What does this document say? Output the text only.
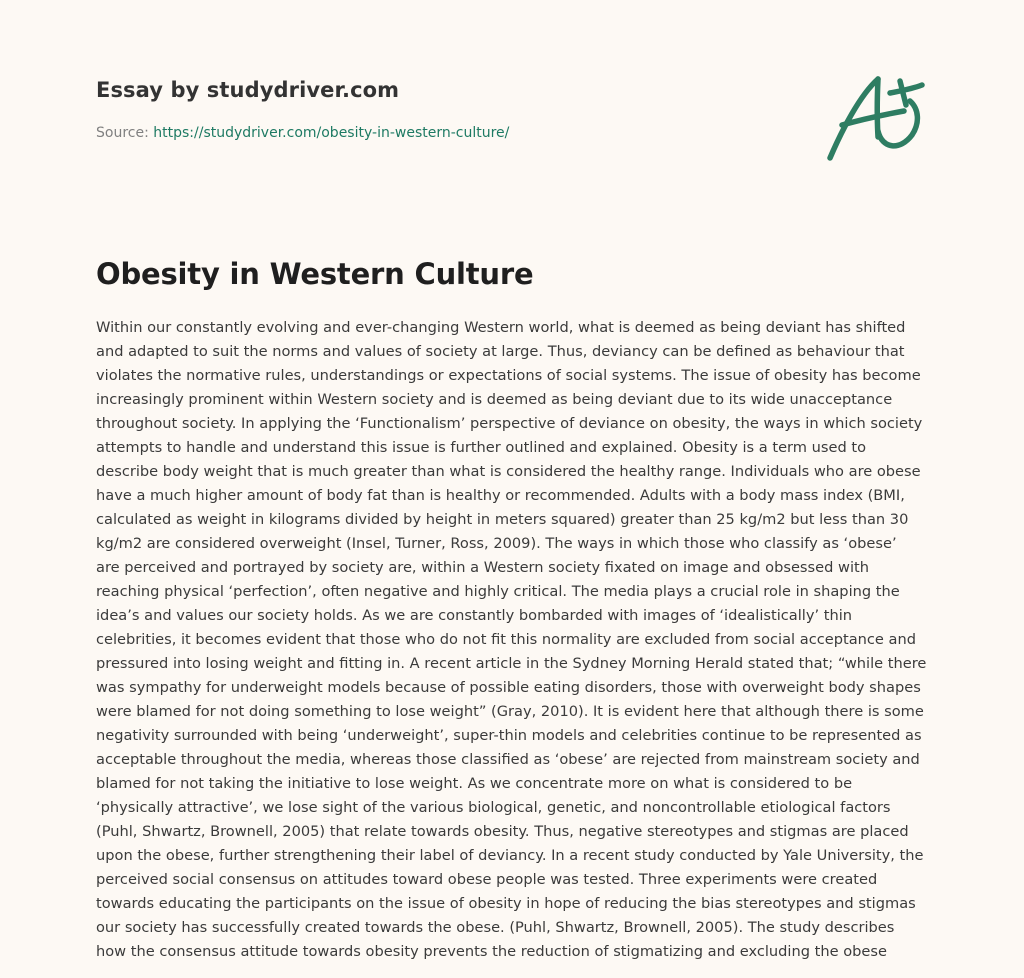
Essay by studydriver.com
Source: https://studydriver.com/obesity-in-western-culture/
Obesity in Western Culture

Within our constantly evolving and ever-changing Western world, what is deemed as being deviant has shifted
and adapted to suit the norms and values of society at large. Thus, deviancy can be defined as behaviour that
violates the normative rules, understandings or expectations of social systems. The issue of obesity has become
increasingly prominent within Western society and is deemed as being deviant due to its wide unacceptance
throughout society. In applying the ‘Functionalism’ perspective of deviance on obesity, the ways in which society
attempts to handle and understand this issue is further outlined and explained. Obesity is a term used to
describe body weight that is much greater than what is considered the healthy range. Individuals who are obese
have a much higher amount of body fat than is healthy or recommended. Adults with a body mass index (BMI,
calculated as weight in kilograms divided by height in meters squared) greater than 25 kg/m2 but less than 30
kg/m2 are considered overweight (Insel, Turner, Ross, 2009). The ways in which those who classify as ‘obese’
are perceived and portrayed by society are, within a Western society fixated on image and obsessed with
reaching physical ‘perfection’, often negative and highly critical. The media plays a crucial role in shaping the
idea’s and values our society holds. As we are constantly bombarded with images of ‘idealistically’ thin
celebrities, it becomes evident that those who do not fit this normality are excluded from social acceptance and
pressured into losing weight and fitting in. A recent article in the Sydney Morning Herald stated that; “while there
was sympathy for underweight models because of possible eating disorders, those with overweight body shapes
were blamed for not doing something to lose weight” (Gray, 2010). It is evident here that although there is some
negativity surrounded with being ‘underweight’, super-thin models and celebrities continue to be represented as
acceptable throughout the media, whereas those classified as ‘obese’ are rejected from mainstream society and
blamed for not taking the initiative to lose weight. As we concentrate more on what is considered to be
‘physically attractive’, we lose sight of the various biological, genetic, and noncontrollable etiological factors
(Puhl, Shwartz, Brownell, 2005) that relate towards obesity. Thus, negative stereotypes and stigmas are placed
upon the obese, further strengthening their label of deviancy. In a recent study conducted by Yale University, the
perceived social consensus on attitudes toward obese people was tested. Three experiments were created
towards educating the participants on the issue of obesity in hope of reducing the bias stereotypes and stigmas
our society has successfully created towards the obese. (Puhl, Shwartz, Brownell, 2005). The study describes
how the consensus attitude towards obesity prevents the reduction of stigmatizing and excluding the obese
